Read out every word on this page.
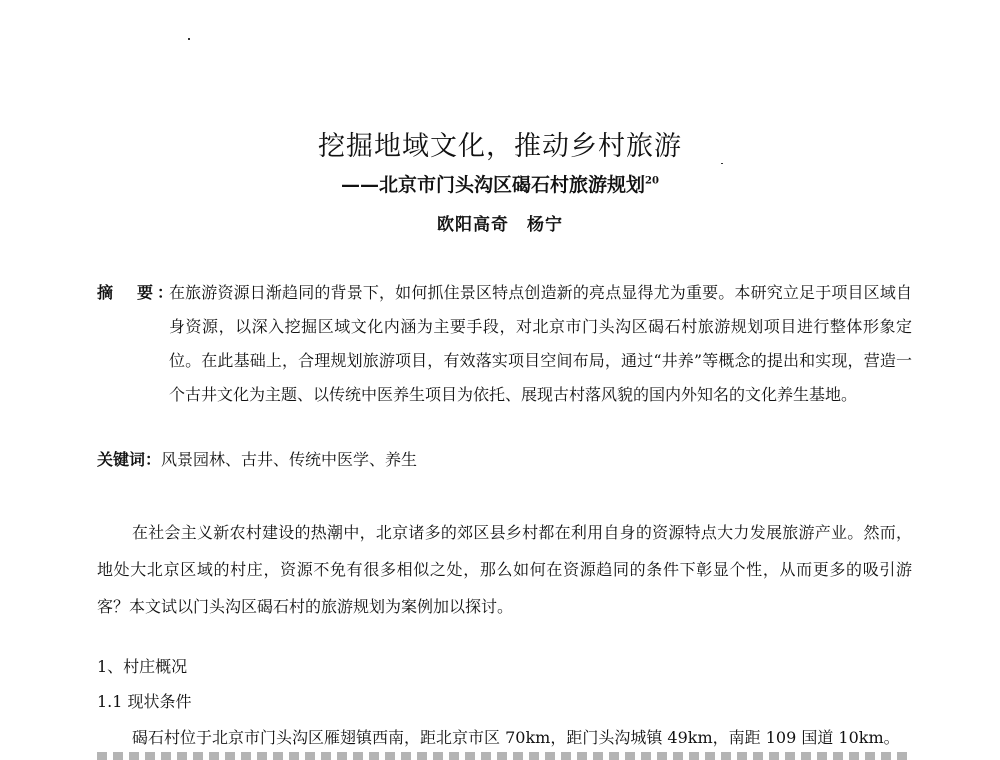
挖掘地域文化，推动乡村旅游
——北京市门头沟区碣石村旅游规划$^{20}$
欧阳高奇 杨宁
摘　要：
在旅游资源日渐趋同的背景下，如何抓住景区特点创造新的亮点显得尤为重要。本研究立足于项目区域自身资源，以深入挖掘区域文化内涵为主要手段，对北京市门头沟区碣石村旅游规划项目进行整体形象定位。在此基础上，合理规划旅游项目，有效落实项目空间布局，通过“井养”等概念的提出和实现，营造一个古井文化为主题、以传统中医养生项目为依托、展现古村落风貌的国内外知名的文化养生基地。
关键词：风景园林、古井、传统中医学、养生
在社会主义新农村建设的热潮中，北京诸多的郊区县乡村都在利用自身的资源特点大力发展旅游产业。然而，地处大北京区域的村庄，资源不免有很多相似之处，那么如何在资源趋同的条件下彰显个性，从而更多的吸引游客？本文试以门头沟区碣石村的旅游规划为案例加以探讨。
1、村庄概况
1.1 现状条件
碣石村位于北京市门头沟区雁翅镇西南，距北京市区 70km，距门头沟城镇 49km，南距 109 国道 10km。
